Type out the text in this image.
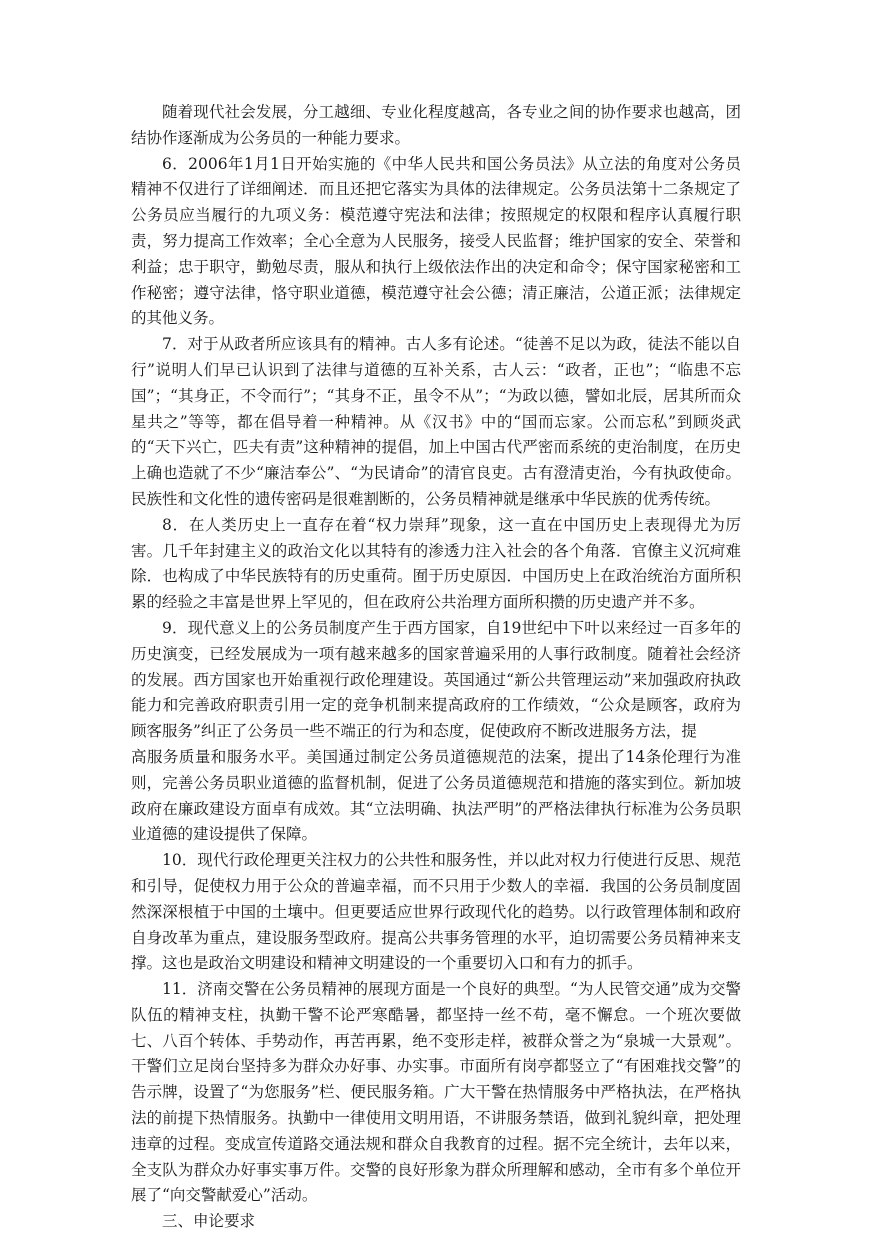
随着现代社会发展，分工越细、专业化程度越高，各专业之间的协作要求也越高，团结协作逐渐成为公务员的一种能力要求。

6．2006年1月1日开始实施的《中华人民共和国公务员法》从立法的角度对公务员精神不仅进行了详细阐述．而且还把它落实为具体的法律规定。公务员法第十二条规定了公务员应当履行的九项义务：模范遵守宪法和法律；按照规定的权限和程序认真履行职责，努力提高工作效率；全心全意为人民服务，接受人民监督；维护国家的安全、荣誉和利益；忠于职守，勤勉尽责，服从和执行上级依法作出的决定和命令；保守国家秘密和工作秘密；遵守法律，恪守职业道德，模范遵守社会公德；清正廉洁，公道正派；法律规定的其他义务。

7．对于从政者所应该具有的精神。古人多有论述。“徒善不足以为政，徒法不能以自行”说明人们早已认识到了法律与道德的互补关系，古人云：“政者，正也”；“临患不忘国”；“其身正，不令而行”；“其身不正，虽令不从”；“为政以德，譬如北辰，居其所而众星共之”等等，都在倡导着一种精神。从《汉书》中的“国而忘家。公而忘私”到顾炎武的“天下兴亡，匹夫有责”这种精神的提倡，加上中国古代严密而系统的吏治制度，在历史上确也造就了不少“廉洁奉公”、“为民请命”的清官良吏。古有澄清吏治，今有执政使命。民族性和文化性的遗传密码是很难割断的，公务员精神就是继承中华民族的优秀传统。

8．在人类历史上一直存在着“权力崇拜”现象，这一直在中国历史上表现得尤为厉害。几千年封建主义的政治文化以其特有的渗透力注入社会的各个角落．官僚主义沉疴难除．也构成了中华民族特有的历史重荷。囿于历史原因．中国历史上在政治统治方面所积累的经验之丰富是世界上罕见的，但在政府公共治理方面所积攒的历史遗产并不多。

9．现代意义上的公务员制度产生于西方国家，自19世纪中下叶以来经过一百多年的历史演变，已经发展成为一项有越来越多的国家普遍采用的人事行政制度。随着社会经济的发展。西方国家也开始重视行政伦理建设。英国通过“新公共管理运动”来加强政府执政能力和完善政府职责引用一定的竞争机制来提高政府的工作绩效，“公众是顾客，政府为顾客服务”纠正了公务员一些不端正的行为和态度，促使政府不断改进服务方法，提

高服务质量和服务水平。美国通过制定公务员道德规范的法案，提出了14条伦理行为准则，完善公务员职业道德的监督机制，促进了公务员道德规范和措施的落实到位。新加坡政府在廉政建设方面卓有成效。其“立法明确、执法严明”的严格法律执行标准为公务员职业道德的建设提供了保障。

10．现代行政伦理更关注权力的公共性和服务性，并以此对权力行使进行反思、规范和引导，促使权力用于公众的普遍幸福，而不只用于少数人的幸福．我国的公务员制度固然深深根植于中国的土壤中。但更要适应世界行政现代化的趋势。以行政管理体制和政府自身改革为重点，建设服务型政府。提高公共事务管理的水平，迫切需要公务员精神来支撑。这也是政治文明建设和精神文明建设的一个重要切入口和有力的抓手。

11．济南交警在公务员精神的展现方面是一个良好的典型。“为人民管交通”成为交警队伍的精神支柱，执勤干警不论严寒酷暑，都坚持一丝不苟，毫不懈怠。一个班次要做七、八百个转体、手势动作，再苦再累，绝不变形走样，被群众誉之为“泉城一大景观”。干警们立足岗台坚持多为群众办好事、办实事。市面所有岗亭都竖立了“有困难找交警”的告示牌，设置了“为您服务”栏、便民服务箱。广大干警在热情服务中严格执法，在严格执法的前提下热情服务。执勤中一律使用文明用语，不讲服务禁语，做到礼貌纠章，把处理违章的过程。变成宣传道路交通法规和群众自我教育的过程。据不完全统计，去年以来，全支队为群众办好事实事万件。交警的良好形象为群众所理解和感动，全市有多个单位开展了“向交警献爱心”活动。

三、申论要求
